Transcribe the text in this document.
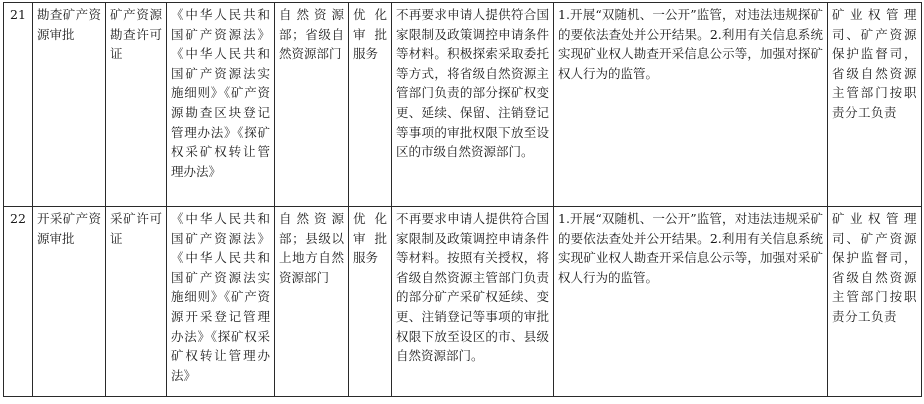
21	勘查矿产资源审批	矿产资源勘查许可证	《中华人民共和国矿产资源法》《中华人民共和国矿产资源法实施细则》《矿产资源勘查区块登记管理办法》《探矿权采矿权转让管理办法》	自然资源部；省级自然资源部门	优化审批服务	不再要求申请人提供符合国家限制及政策调控申请条件等材料。积极探索采取委托等方式，将省级自然资源主管部门负责的部分探矿权变更、延续、保留、注销登记等事项的审批权限下放至设区的市级自然资源部门。	1.开展“双随机、一公开”监管，对违法违规探矿的要依法查处并公开结果。2.利用有关信息系统实现矿业权人勘查开采信息公示等，加强对探矿权人行为的监管。	矿业权管理司、矿产资源保护监督司，省级自然资源主管部门按职责分工负责
22	开采矿产资源审批	采矿许可证	《中华人民共和国矿产资源法》《中华人民共和国矿产资源法实施细则》《矿产资源开采登记管理办法》《探矿权采矿权转让管理办法》	自然资源部；县级以上地方自然资源部门	优化审批服务	不再要求申请人提供符合国家限制及政策调控申请条件等材料。按照有关授权，将省级自然资源主管部门负责的部分矿产采矿权延续、变更、注销登记等事项的审批权限下放至设区的市、县级自然资源部门。	1.开展“双随机、一公开”监管，对违法违规采矿的要依法查处并公开结果。2.利用有关信息系统实现矿业权人勘查开采信息公示等，加强对采矿权人行为的监管。	矿业权管理司、矿产资源保护监督司，省级自然资源主管部门按职责分工负责
